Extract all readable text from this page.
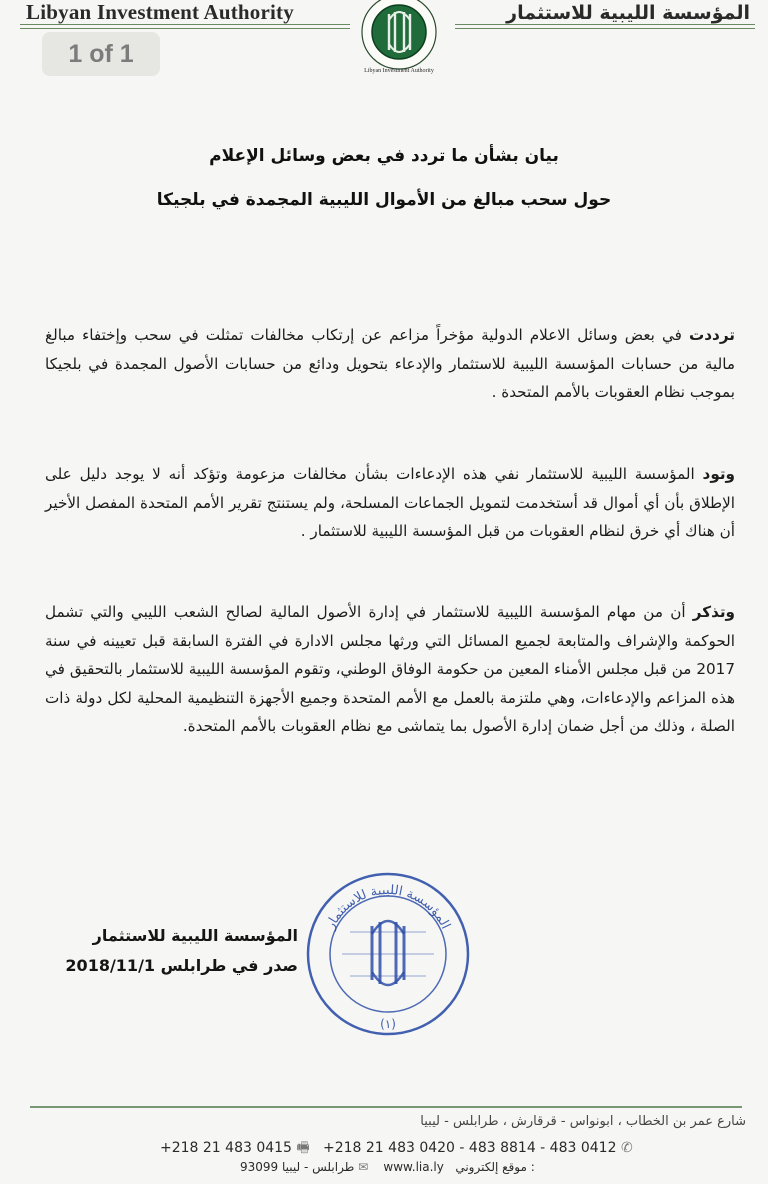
Libyan Investment Authority	المؤسسة الليبية للاستثمار
Libyan Investment Authority
1 of 1
بيان بشأن ما تردد في بعض وسائل الإعلام
حول سحب مبالغ من الأموال الليبية المجمدة في بلجيكا
ترددت في بعض وسائل الاعلام الدولية مؤخراً مزاعم عن إرتكاب مخالفات تمثلت في سحب وإختفاء مبالغ مالية من حسابات المؤسسة الليبية للاستثمار والإدعاء بتحويل ودائع من حسابات الأصول المجمدة في بلجيكا بموجب نظام العقوبات بالأمم المتحدة .
وتود المؤسسة الليبية للاستثمار نفي هذه الإدعاءات بشأن مخالفات مزعومة وتؤكد أنه لا يوجد دليل على الإطلاق بأن أي أموال قد أستخدمت لتمويل الجماعات المسلحة، ولم يستنتج تقرير الأمم المتحدة المفصل الأخير أن هناك أي خرق لنظام العقوبات من قبل المؤسسة الليبية للاستثمار .
وتذكر أن من مهام المؤسسة الليبية للاستثمار في إدارة الأصول المالية لصالح الشعب الليبي والتي تشمل الحوكمة والإشراف والمتابعة لجميع المسائل التي ورثها مجلس الادارة في الفترة السابقة قبل تعيينه في سنة 2017 من قبل مجلس الأمناء المعين من حكومة الوفاق الوطني، وتقوم المؤسسة الليبية للاستثمار بالتحقيق في هذه المزاعم والإدعاءات، وهي ملتزمة بالعمل مع الأمم المتحدة وجميع الأجهزة التنظيمية المحلية لكل دولة ذات الصلة ، وذلك من أجل ضمان إدارة الأصول بما يتماشى مع نظام العقوبات بالأمم المتحدة.
المؤسسة الليبية للاستثمار
صدر في طرابلس 2018/11/1
المؤسسة الليبية للاستثمار
(١)
شارع عمر بن الخطاب ، ابونواس - قرقارش ، طرابلس - ليبيا
+218 21 483 0415 🖷 +218 21 483 0420 - 483 8814 - 483 0412 ✆
93099 طرابلس - ليبيا ✉ www.lia.ly موقع إلكتروني :
